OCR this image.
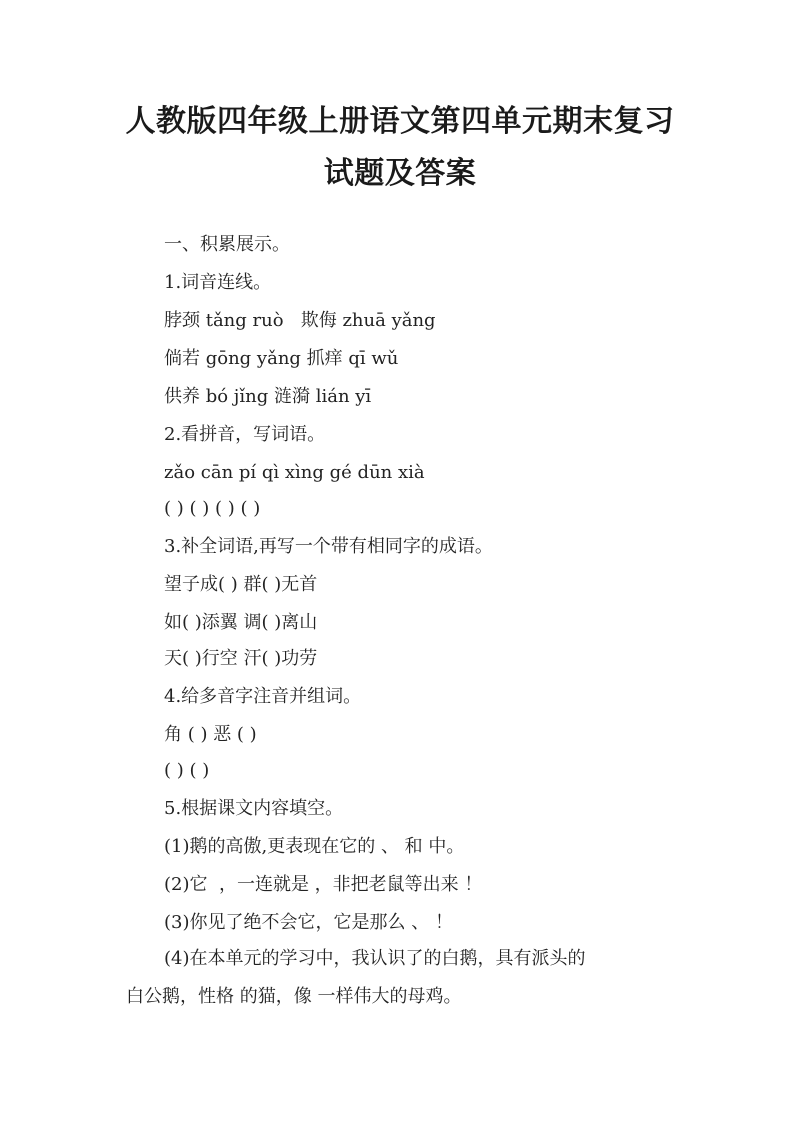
人教版四年级上册语文第四单元期末复习
试题及答案
一、积累展示。
1.词音连线。
脖颈 tǎng ruò   欺侮 zhuā yǎng
倘若 gōng yǎng 抓痒 qī wǔ
供养 bó jǐng 涟漪 lián yī
2.看拼音，写词语。
zǎo cān pí qì xìng gé dūn xià
( ) ( ) ( ) ( )
3.补全词语,再写一个带有相同字的成语。
望子成( ) 群( )无首
如( )添翼 调( )离山
天( )行空 汗( )功劳
4.给多音字注音并组词。
角 ( ) 恶 ( )
( ) ( )
5.根据课文内容填空。
(1)鹅的高傲,更表现在它的 、 和 中。
(2)它  ，一连就是 ，非把老鼠等出来 ！
(3)你见了绝不会它，它是那么 、 ！
(4)在本单元的学习中，我认识了的白鹅，具有派头的
白公鹅，性格 的猫，像 一样伟大的母鸡。
